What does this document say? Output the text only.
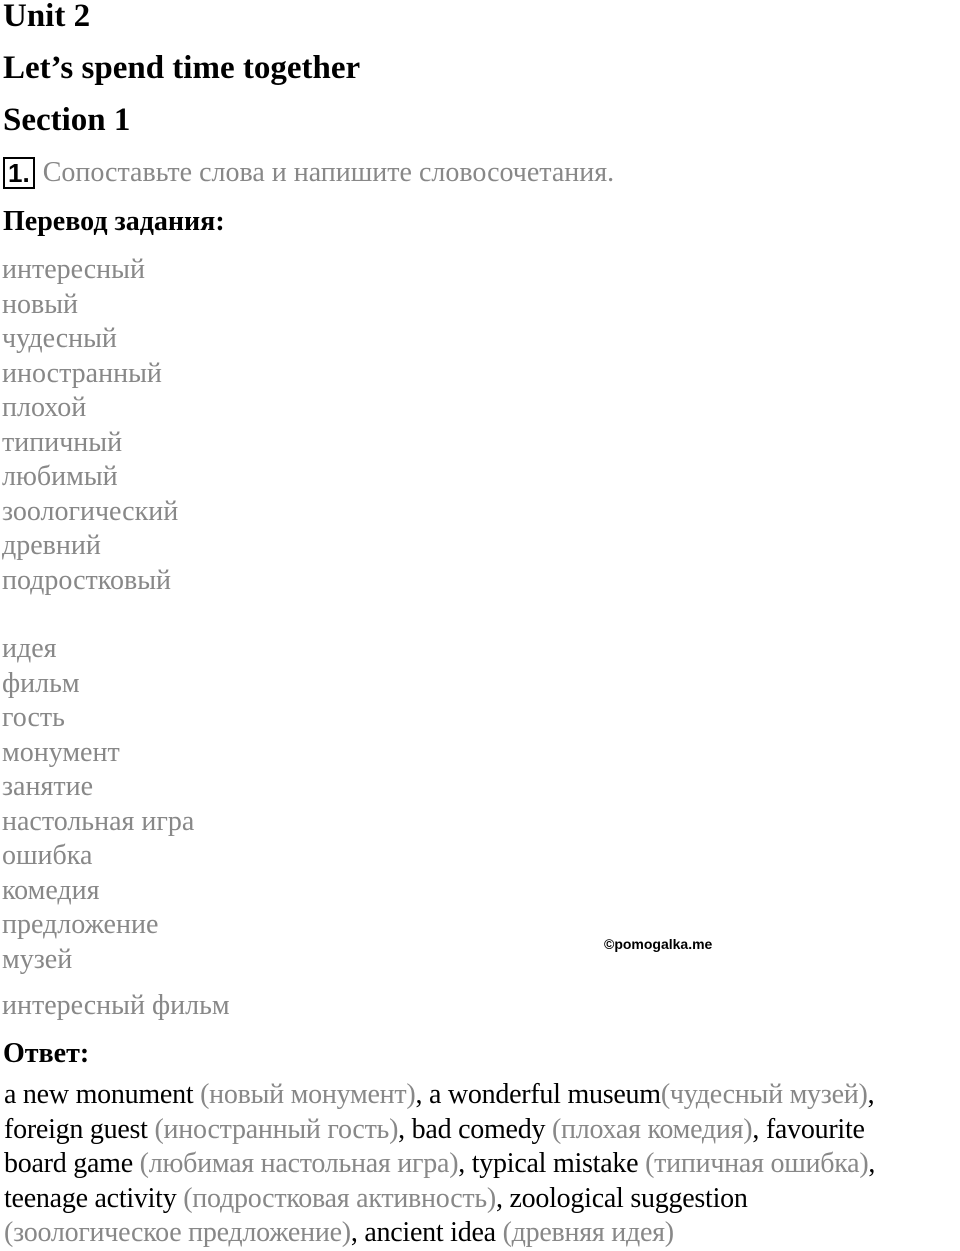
Unit 2
Let’s spend time together
Section 1
1. Сопоставьте слова и напишите словосочетания.
Перевод задания:
интересный
новый
чудесный
иностранный
плохой
типичный
любимый
зоологический
древний
подростковый
идея
фильм
гость
монумент
занятие
настольная игра
ошибка
комедия
предложение
музей	©pomogalka.me
интересный фильм
Ответ:
a new monument (новый монумент), a wonderful museum(чудесный музей),
foreign guest (иностранный гость), bad comedy (плохая комедия), favourite
board game (любимая настольная игра), typical mistake (типичная ошибка),
teenage activity (подростковая активность), zoological suggestion
(зоологическое предложение), ancient idea (древняя идея)
